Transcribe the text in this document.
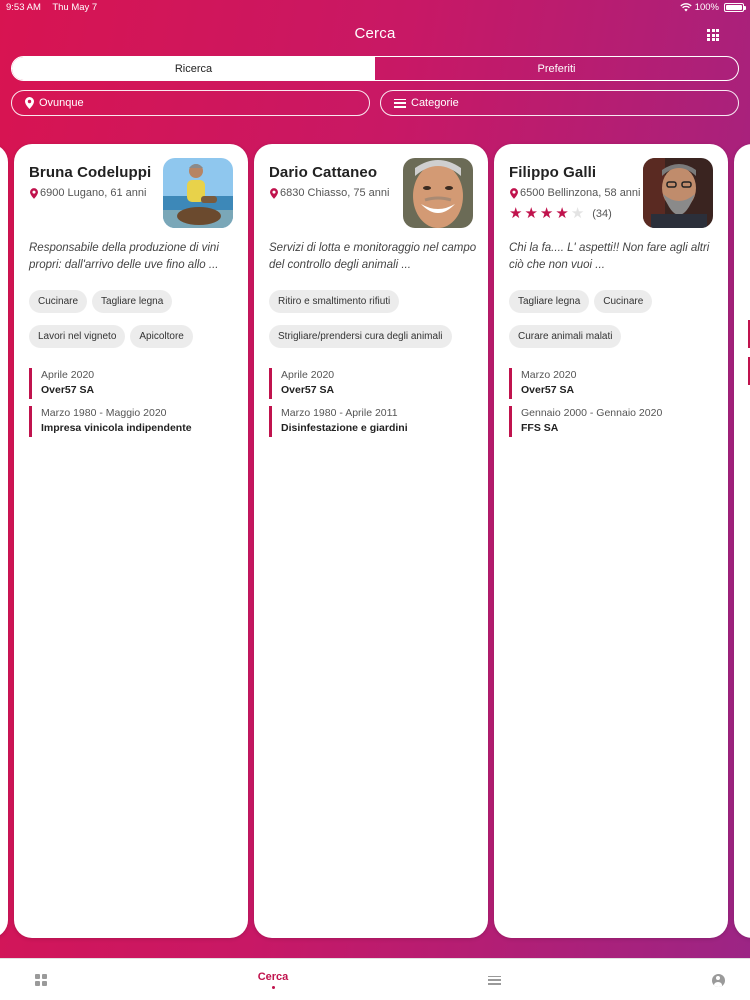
9:53 AM Thu May 7	100%
Cerca
Ricerca	Preferiti
Ovunque	Categorie
Bruna Codeluppi
6900 Lugano, 61 anni
Responsabile della produzione di vini propri: dall'arrivo delle uve fino allo ...
Cucinare	Tagliare legna
Lavori nel vigneto	Apicoltore
Aprile 2020
Over57 SA
Marzo 1980 - Maggio 2020
Impresa vinicola indipendente
Dario Cattaneo
6830 Chiasso, 75 anni
Servizi di lotta e monitoraggio nel campo del controllo degli animali ...
Ritiro e smaltimento rifiuti
Strigliare/prendersi cura degli animali
Aprile 2020
Over57 SA
Marzo 1980 - Aprile 2011
Disinfestazione e giardini
Filippo Galli
6500 Bellinzona, 58 anni
★ ★ ★ ★ ★ (34)
Chi la fa.... L' aspetti!! Non fare agli altri ciò che non vuoi ...
Tagliare legna	Cucinare
Curare animali malati
Marzo 2020
Over57 SA
Gennaio 2000 - Gennaio 2020
FFS SA
Cerca
